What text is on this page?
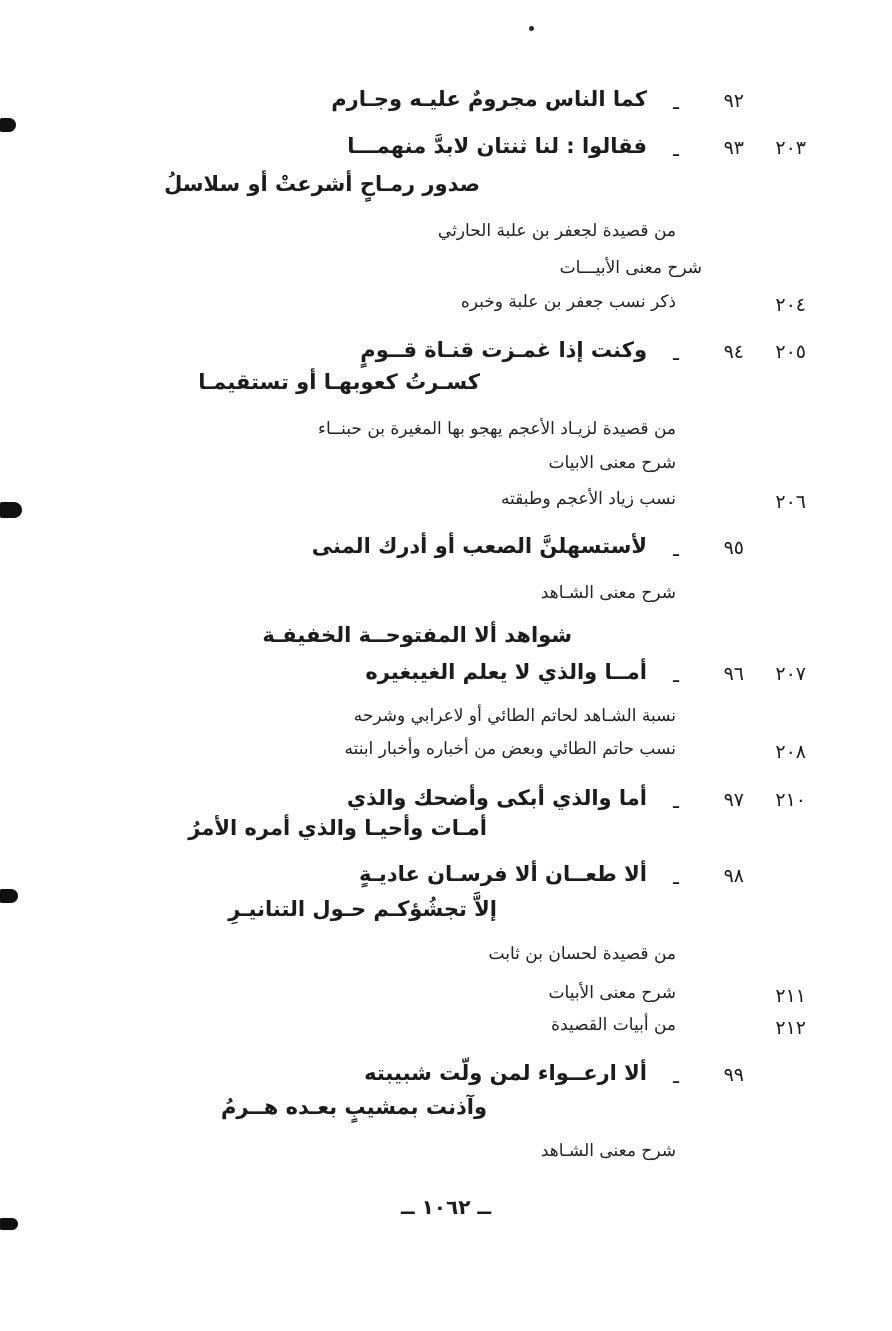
٩٢
ـ
كما الناس مجرومٌ عليـه وجـارم
٢٠٣
٩٣
ـ
فقالوا : لنا ثنتان لابدَّ منهمـــا
صدور رمـاحٍ أشرعتْ أو سلاسلُ
من قصيدة لجعفر بن علبة الحارثي
شرح معنى الأبيـــات
٢٠٤
ذكر نسب جعفر بن علبة وخبره
٢٠٥
٩٤
ـ
وكنت إذا غمـزت قنـاة قــومٍ
كسـرتُ كعوبهـا أو تستقيمـا
من قصيدة لزيـاد الأعجم يهجو بها المغيرة بن حبنــاء
شرح معنى الابيات
٢٠٦
نسب زياد الأعجم وطبقته
٩٥
ـ
لأستسهلنَّ الصعب أو أدرك المنى
شرح معنى الشـاهد
شواهد ألا المفتوحــة الخفيفـة
٢٠٧
٩٦
ـ
أمــا والذي لا يعلم الغيبغيره
نسبة الشـاهد لحاتم الطائي أو لاعرابي وشرحه
٢٠٨
نسب حاتم الطائي وبعض من أخباره وأخبار ابنته
٢١٠
٩٧
ـ
أما والذي أبكى وأضحك والذي
أمـات وأحيـا والذي أمره الأمرُ
٩٨
ـ
ألا طعــان ألا فرسـان عاديـةٍ
إلاَّ تجشُؤكـم حـول التنانيـرِ
من قصيدة لحسان بن ثابت
٢١١
شرح معنى الأبيات
٢١٢
من أبيات القصيدة
٩٩
ـ
ألا ارعــواء لمن ولّت شبيبته
وآذنت بمشيبٍ بعـده هــرمُ
شرح معنى الشـاهد
ــ ١٠٦٢ ــ
